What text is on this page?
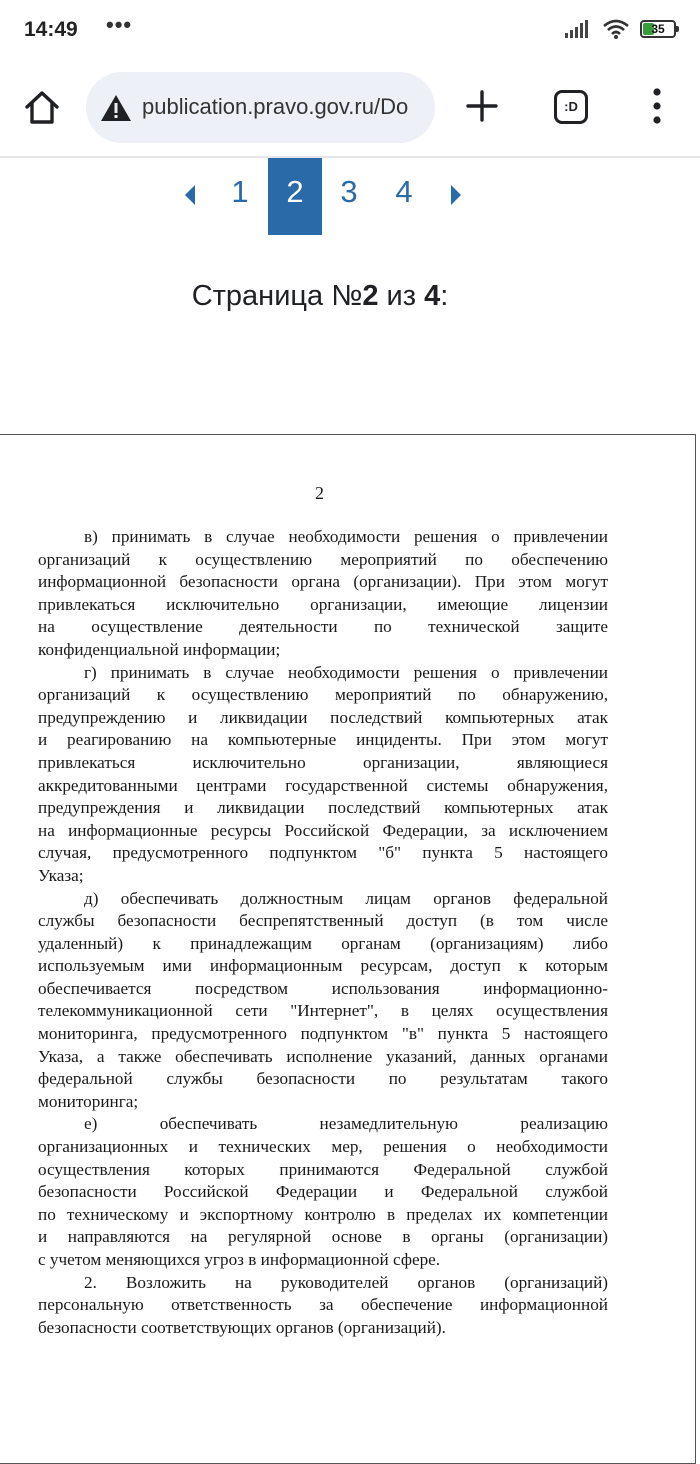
14:49 •••	35
publication.pravo.gov.ru/Do	:D
1	2	3	4
Страница №2 из 4:
2
в) принимать в случае необходимости решения о привлечении
организаций к осуществлению мероприятий по обеспечению
информационной безопасности органа (организации). При этом могут
привлекаться исключительно организации, имеющие лицензии
на осуществление деятельности по технической защите
конфиденциальной информации;
г) принимать в случае необходимости решения о привлечении
организаций к осуществлению мероприятий по обнаружению,
предупреждению и ликвидации последствий компьютерных атак
и реагированию на компьютерные инциденты. При этом могут
привлекаться исключительно организации, являющиеся
аккредитованными центрами государственной системы обнаружения,
предупреждения и ликвидации последствий компьютерных атак
на информационные ресурсы Российской Федерации, за исключением
случая, предусмотренного подпунктом "б" пункта 5 настоящего
Указа;
д) обеспечивать должностным лицам органов федеральной
службы безопасности беспрепятственный доступ (в том числе
удаленный) к принадлежащим органам (организациям) либо
используемым ими информационным ресурсам, доступ к которым
обеспечивается посредством использования информационно-
телекоммуникационной сети "Интернет", в целях осуществления
мониторинга, предусмотренного подпунктом "в" пункта 5 настоящего
Указа, а также обеспечивать исполнение указаний, данных органами
федеральной службы безопасности по результатам такого
мониторинга;
е) обеспечивать незамедлительную реализацию
организационных и технических мер, решения о необходимости
осуществления которых принимаются Федеральной службой
безопасности Российской Федерации и Федеральной службой
по техническому и экспортному контролю в пределах их компетенции
и направляются на регулярной основе в органы (организации)
с учетом меняющихся угроз в информационной сфере.
2. Возложить на руководителей органов (организаций)
персональную ответственность за обеспечение информационной
безопасности соответствующих органов (организаций).
